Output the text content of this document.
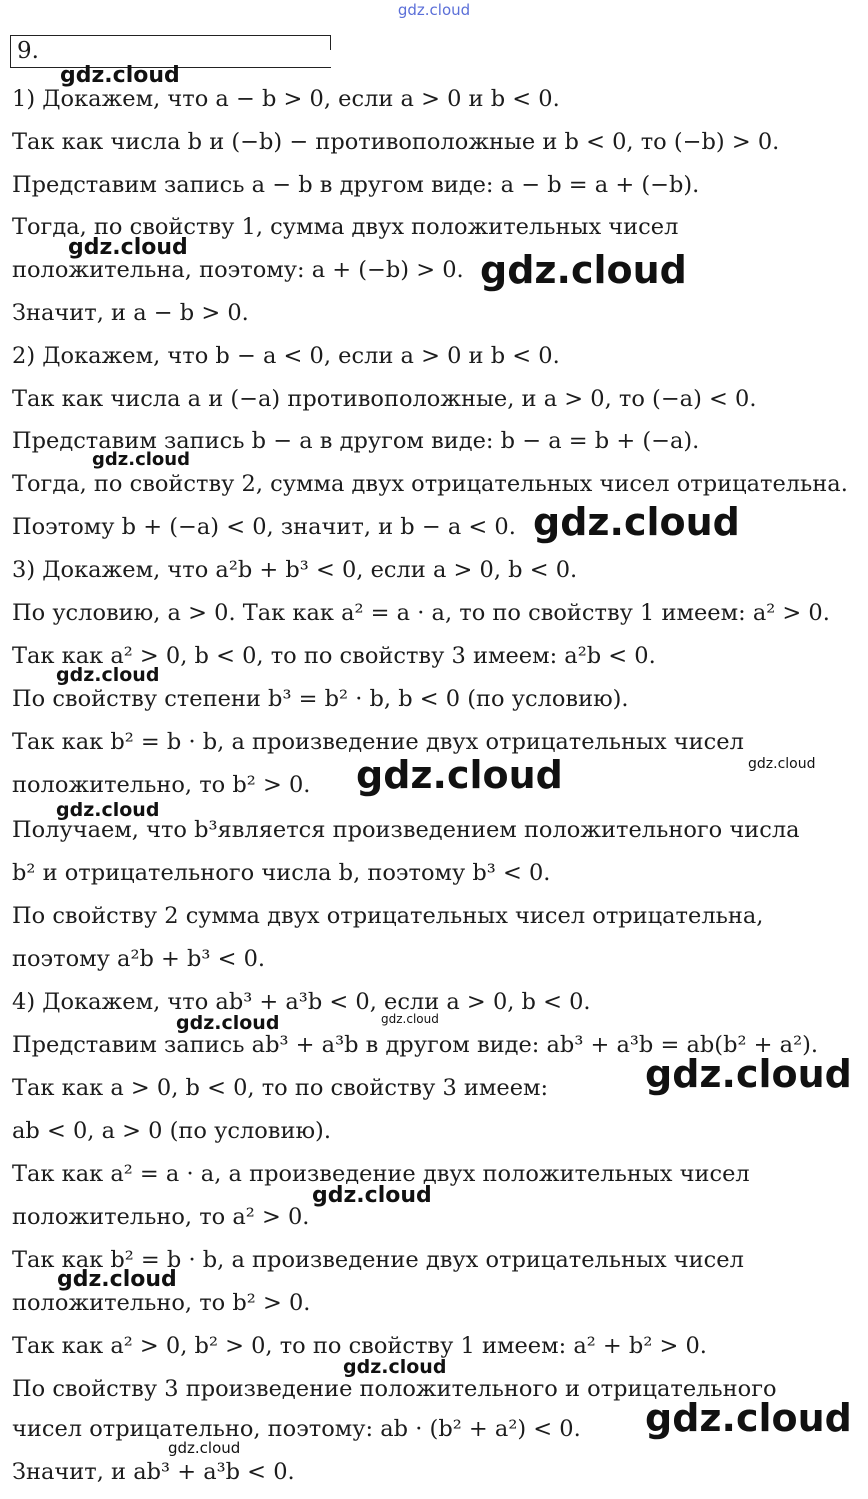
gdz.cloud
9.
1) Докажем, что a − b > 0, если a > 0 и b < 0.
Так как числа b и (−b) − противоположные и b < 0, то (−b) > 0.
Представим запись a − b в другом виде: a − b = a + (−b).
Тогда, по свойству 1, сумма двух положительных чисел
положительна, поэтому: a + (−b) > 0.
Значит, и a − b > 0.
2) Докажем, что b − a < 0, если a > 0 и b < 0.
Так как числа a и (−a) противоположные, и a > 0, то (−a) < 0.
Представим запись b − a в другом виде: b − a = b + (−a).
Тогда, по свойству 2, сумма двух отрицательных чисел отрицательна.
Поэтому b + (−a) < 0, значит, и b − a < 0.
3) Докажем, что a²b + b³ < 0, если a > 0, b < 0.
По условию, a > 0. Так как a² = a · a, то по свойству 1 имеем: a² > 0.
Так как a² > 0, b < 0, то по свойству 3 имеем: a²b < 0.
По свойству степени b³ = b² · b, b < 0 (по условию).
Так как b² = b · b, а произведение двух отрицательных чисел
положительно, то b² > 0.
Получаем, что b³является произведением положительного числа
b² и отрицательного числа b, поэтому b³ < 0.
По свойству 2 сумма двух отрицательных чисел отрицательна,
поэтому a²b + b³ < 0.
4) Докажем, что ab³ + a³b < 0, если a > 0, b < 0.
Представим запись ab³ + a³b в другом виде: ab³ + a³b = ab(b² + a²).
Так как a > 0, b < 0, то по свойству 3 имеем:
ab < 0, a > 0 (по условию).
Так как a² = a · a, а произведение двух положительных чисел
положительно, то a² > 0.
Так как b² = b · b, а произведение двух отрицательных чисел
положительно, то b² > 0.
Так как a² > 0, b² > 0, то по свойству 1 имеем: a² + b² > 0.
По свойству 3 произведение положительного и отрицательного
чисел отрицательно, поэтому: ab · (b² + a²) < 0.
Значит, и ab³ + a³b < 0.
gdz.cloud
gdz.cloud
gdz.cloud
gdz.cloud
gdz.cloud
gdz.cloud
gdz.cloud	gdz.cloud
gdz.cloud
gdz.cloud	gdz.cloud
gdz.cloud
gdz.cloud
gdz.cloud
gdz.cloud
gdz.cloud
gdz.cloud
